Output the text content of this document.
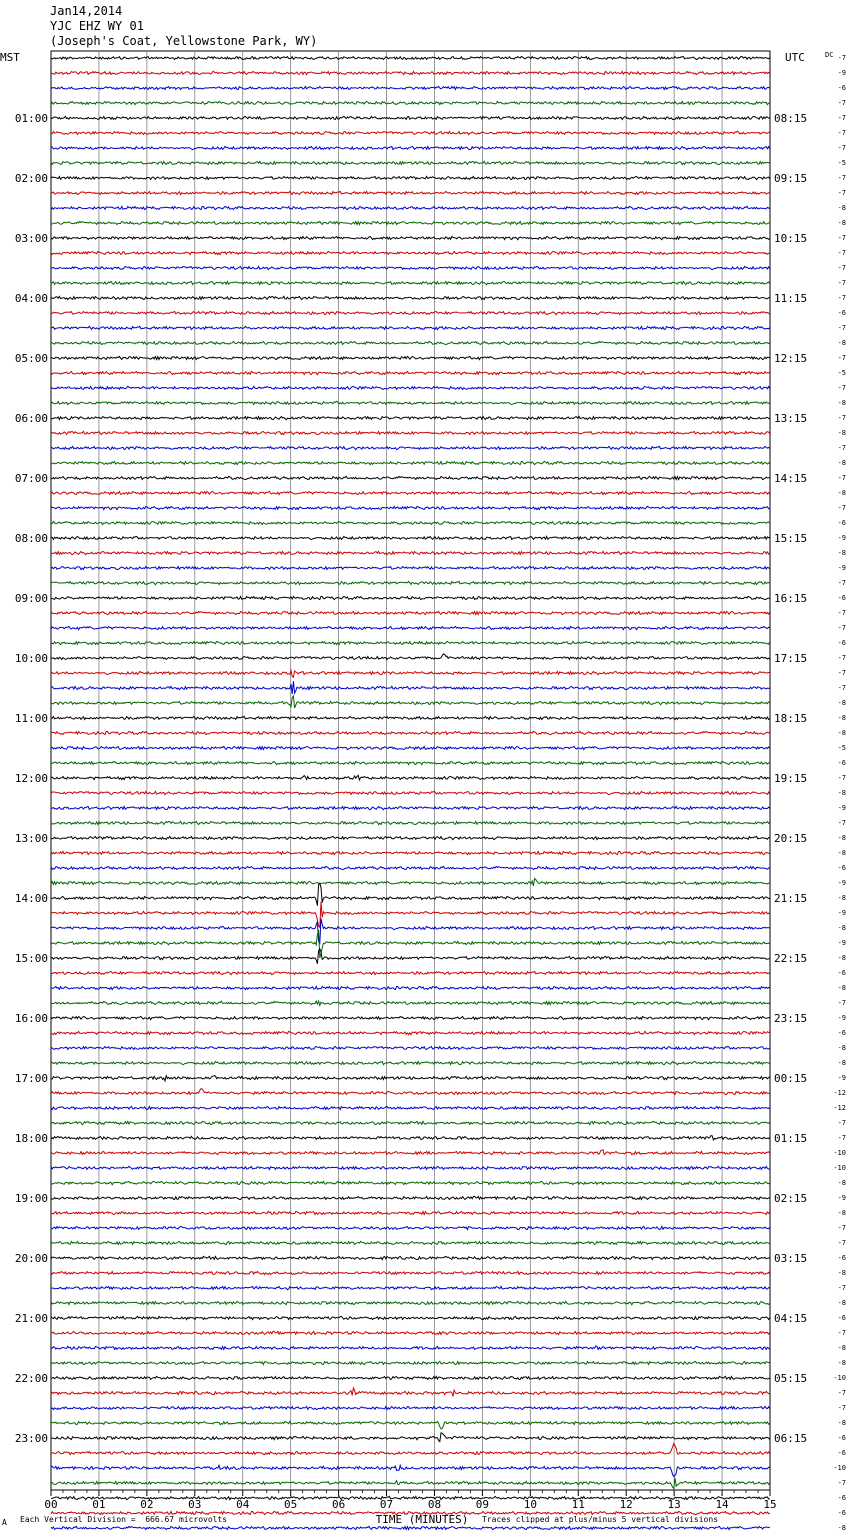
Jan14,2014
YJC EHZ WY 01
(Joseph's Coat, Yellowstone Park, WY)
-7
-9
-6
-7
-7
-7
-7
-5
-7
-7
-8
-8
-7
-7
-7
-7
-7
-6
-7
-8
-7
-5
-7
-8
-7
-8
-7
-8
-7
-8
-7
-6
-9
-8
-9
-7
-6
-7
-7
-6
-7
-7
-7
-8
-8
-8
-5
-6
-7
-8
-9
-7
-8
-8
-6
-9
-8
-9
-8
-9
-8
-6
-8
-7
-9
-6
-8
-8
-9
-12
-12
-7
-7
-10
-10
-8
-9
-8
-7
-7
-6
-8
-7
-8
-6
-7
-8
-8
-10
-7
-7
-8
-6
-6
-10
-7
-6
-6
-8
01:00
02:00
03:00
04:00
05:00
06:00
07:00
08:00
09:00
10:00
11:00
12:00
13:00
14:00
15:00
16:00
17:00
18:00
19:00
20:00
21:00
22:00
23:00
08:15
09:15
10:15
11:15
12:15
13:15
14:15
15:15
16:15
17:15
18:15
19:15
20:15
21:15
22:15
23:15
00:15
01:15
02:15
03:15
04:15
05:15
06:15
MST	UTC	DC
00	01	02	03	04	05	06	07	08	09	10	11	12	13	14	15
TIME (MINUTES)
A Each Vertical Division =  666.67 microvolts	Traces clipped at plus/minus 5 vertical divisions
